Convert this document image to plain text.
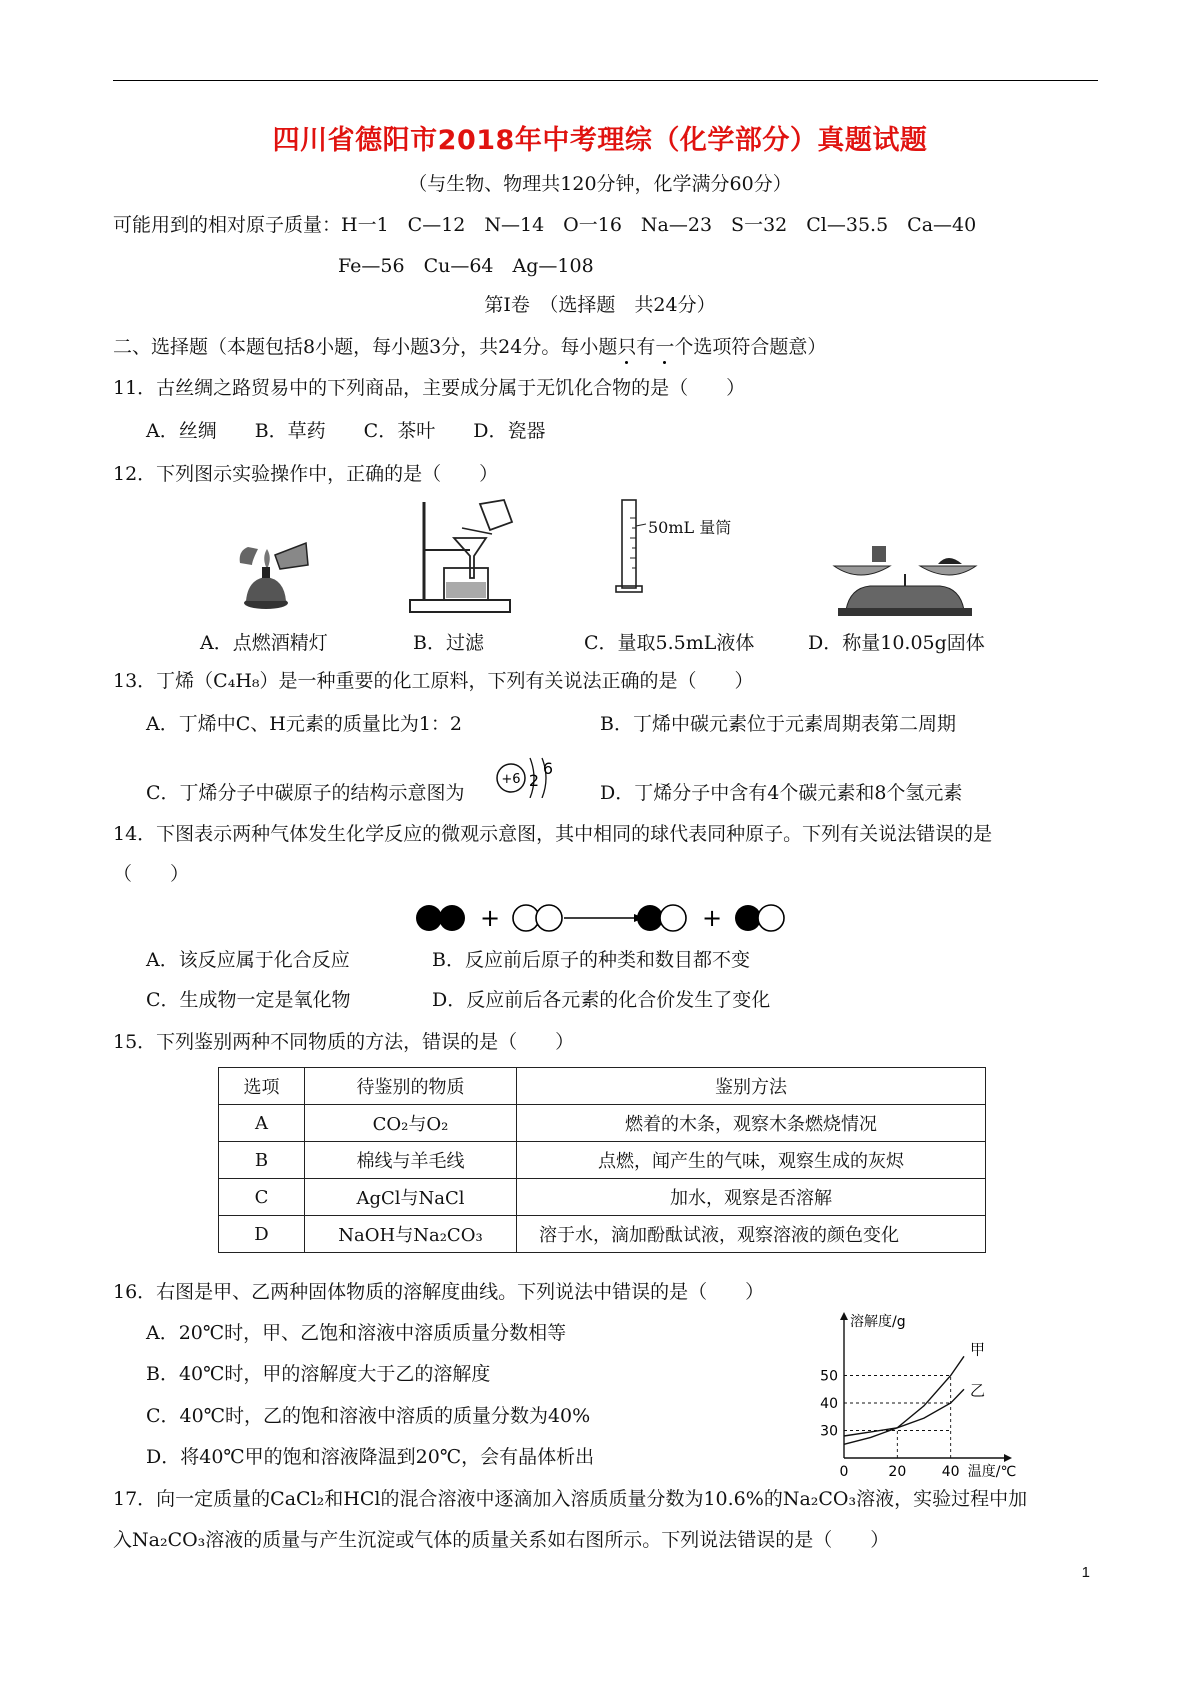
四川省德阳市2018年中考理综（化学部分）真题试题
（与生物、物理共120分钟，化学满分60分）
可能用到的相对原子质量：H一1　C—12　N—14　O一16　Na—23　S一32　Cl—35.5　Ca—40
Fe—56　Cu—64　Ag—108
第Ⅰ卷　（选择题　共24分）
二、选择题（本题包括8小题，每小题3分，共24分。每小题只有一个选项符合题意）
11．古丝绸之路贸易中的下列商品，主要成分属于无饥化合物的是（　　）
A．丝绸　　B．草药　　C．茶叶　　D．瓷器
12．下列图示实验操作中，正确的是（　　）
50mL 量筒
A．点燃酒精灯	B．过滤	C．量取5.5mL液体	D．称量10.05g固体
13．丁烯（C₄H₈）是一种重要的化工原料，下列有关说法正确的是（　　）
A．丁烯中C、H元素的质量比为1：2	B．丁烯中碳元素位于元素周期表第二周期
C．丁烯分子中碳原子的结构示意图为
+6 2
6
D．丁烯分子中含有4个碳元素和8个氢元素
14．下图表示两种气体发生化学反应的微观示意图，其中相同的球代表同种原子。下列有关说法错误的是
（　　）
+	+
A．该反应属于化合反应	B．反应前后原子的种类和数目都不变
C．生成物一定是氧化物	D．反应前后各元素的化合价发生了变化
15．下列鉴别两种不同物质的方法，错误的是（　　）
选项	待鉴别的物质	鉴别方法
A	CO₂与O₂	燃着的木条，观察木条燃烧情况
B	棉线与羊毛线	点燃，闻产生的气味，观察生成的灰烬
C	AgCl与NaCl	加水，观察是否溶解
D	NaOH与Na₂CO₃	溶于水，滴加酚酞试液，观察溶液的颜色变化
16．右图是甲、乙两种固体物质的溶解度曲线。下列说法中错误的是（　　）
A．20℃时，甲、乙饱和溶液中溶质质量分数相等
B．40℃时，甲的溶解度大于乙的溶解度
C．40℃时，乙的饱和溶液中溶质的质量分数为40%
D．将40℃甲的饱和溶液降温到20℃，会有晶体析出
溶解度/g
温度/℃
0	20	40
30
40
50
甲
乙
17．向一定质量的CaCl₂和HCl的混合溶液中逐滴加入溶质质量分数为10.6%的Na₂CO₃溶液，实验过程中加
入Na₂CO₃溶液的质量与产生沉淀或气体的质量关系如右图所示。下列说法错误的是（　　）
1
